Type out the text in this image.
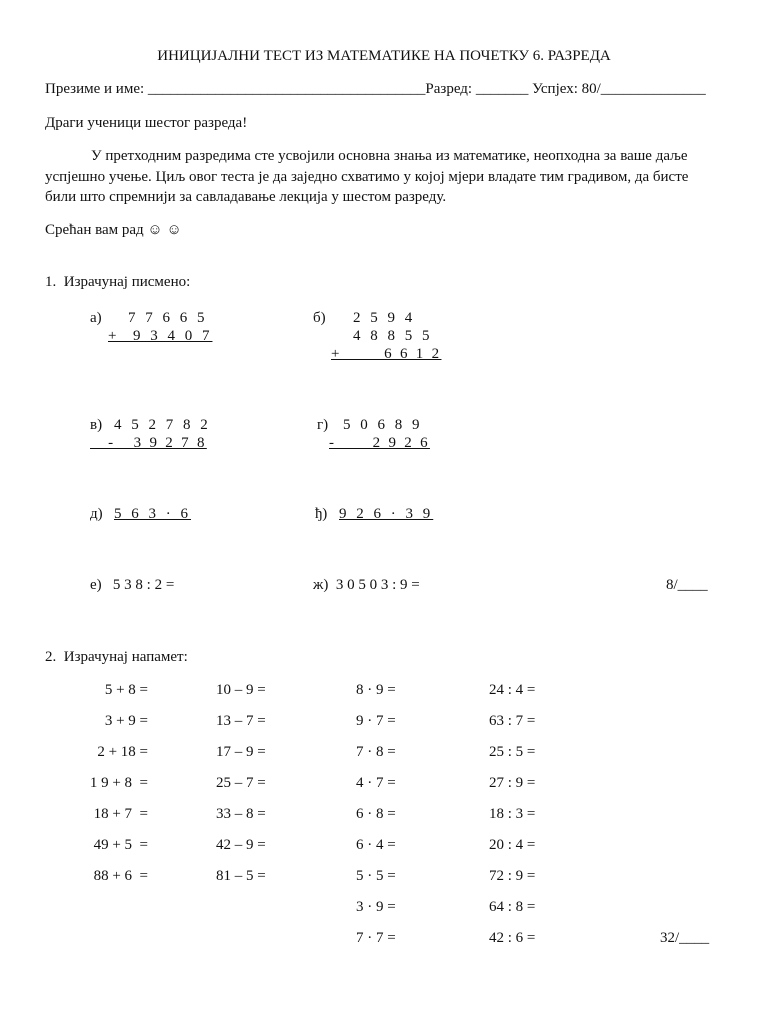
ИНИЦИЈАЛНИ ТЕСТ ИЗ МАТЕМАТИКЕ НА ПОЧЕТКУ 6. РАЗРЕДА
Презиме и име: _____________________________________Разред: _______ Успјех: 80/______________
Драги ученици шестог разреда!

У претходним разредима сте усвојили основна знања из математике, неопходна за ваше даље успјешно учење. Циљ овог теста је да заједно схватимо у којој мјери владате тим градивом, да бисте били што спремнији за савладавање лекција у шестом разреду.

Срећан вам рад ☺ ☺
1.  Израчунај писмено:
а) 7 7 6 6 5
+  9 3 4 0 7
б) 2 5 9 4
4 8 8 5 5
+       6 6 1 2
в) 4 5 2 7 8 2
-   3 9 2 7 8
г) 5 0 6 8 9
-      2 9 2 6
д) 5 6 3 · 6	ђ) 9 2 6 · 3 9
е)   5 3 8 : 2 =	ж)  3 0 5 0 3 : 9 =	8/____
2.  Израчунај напамет:
5 + 8 =
3 + 9 =
2 + 18 =
1 9 + 8  =
18 + 7  =
49 + 5  =
88 + 6  =
10 – 9 =
13 – 7 =
17 – 9 =
25 – 7 =
33 – 8 =
42 – 9 =
81 – 5 =
8 · 9 =
9 · 7 =
7 · 8 =
4 · 7 =
6 · 8 =
6 · 4 =
5 · 5 =
3 · 9 =
7 · 7 =
24 : 4 =
63 : 7 =
25 : 5 =
27 : 9 =
18 : 3 =
20 : 4 =
72 : 9 =
64 : 8 =
42 : 6 =	32/____
